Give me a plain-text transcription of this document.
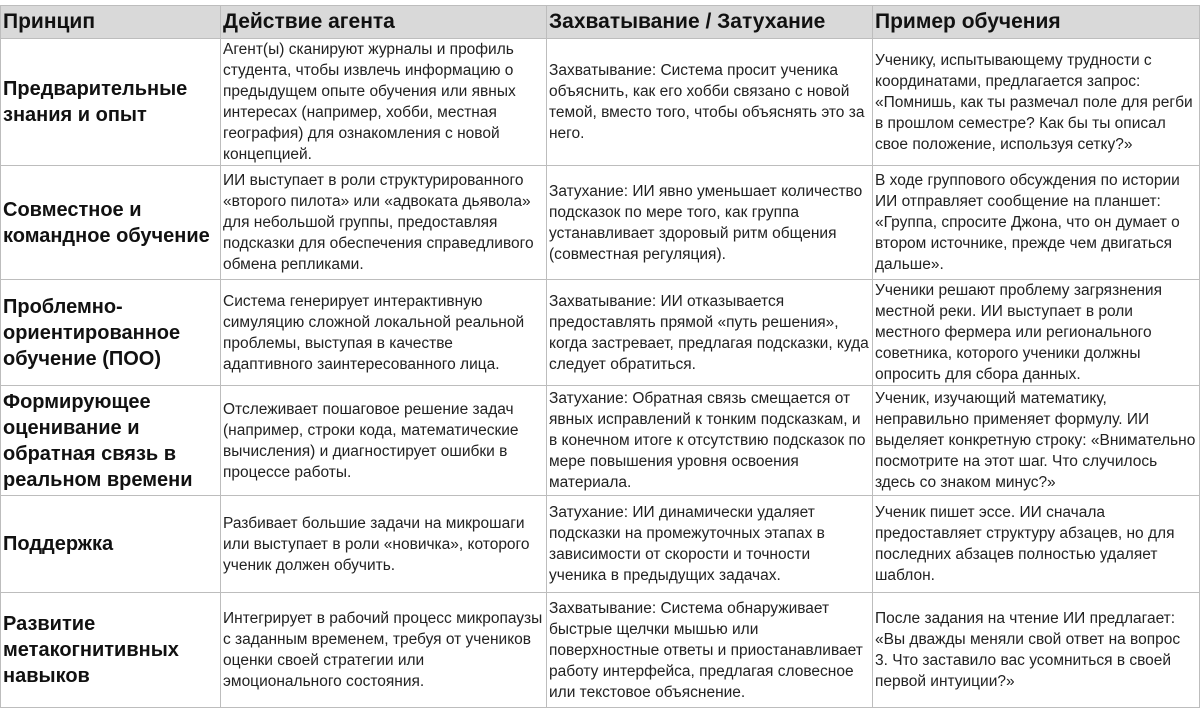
Принцип	Действие агента	Захватывание / Затухание	Пример обучения
Предварительные знания и опыт	Агент(ы) сканируют журналы и профиль студента, чтобы извлечь информацию о предыдущем опыте обучения или явных интересах (например, хобби, местная география) для ознакомления с новой концепцией.	Захватывание: Система просит ученика объяснить, как его хобби связано с новой темой, вместо того, чтобы объяснять это за него.	Ученику, испытывающему трудности с координатами, предлагается запрос: «Помнишь, как ты размечал поле для регби в прошлом семестре? Как бы ты описал свое положение, используя сетку?»
Совместное и командное обучение	ИИ выступает в роли структурированного «второго пилота» или «адвоката дьявола» для небольшой группы, предоставляя подсказки для обеспечения справедливого обмена репликами.	Затухание: ИИ явно уменьшает количество подсказок по мере того, как группа устанавливает здоровый ритм общения (совместная регуляция).	В ходе группового обсуждения по истории ИИ отправляет сообщение на планшет: «Группа, спросите Джона, что он думает о втором источнике, прежде чем двигаться дальше».
Проблемно-ориентированное обучение (ПОО)	Система генерирует интерактивную симуляцию сложной локальной реальной проблемы, выступая в качестве адаптивного заинтересованного лица.	Захватывание: ИИ отказывается предоставлять прямой «путь решения», когда застревает, предлагая подсказки, куда следует обратиться.	Ученики решают проблему загрязнения местной реки. ИИ выступает в роли местного фермера или регионального советника, которого ученики должны опросить для сбора данных.
Формирующее оценивание и обратная связь в реальном времени	Отслеживает пошаговое решение задач (например, строки кода, математические вычисления) и диагностирует ошибки в процессе работы.	Затухание: Обратная связь смещается от явных исправлений к тонким подсказкам, и в конечном итоге к отсутствию подсказок по мере повышения уровня освоения материала.	Ученик, изучающий математику, неправильно применяет формулу. ИИ выделяет конкретную строку: «Внимательно посмотрите на этот шаг. Что случилось здесь со знаком минус?»
Поддержка	Разбивает большие задачи на микрошаги или выступает в роли «новичка», которого ученик должен обучить.	Затухание: ИИ динамически удаляет подсказки на промежуточных этапах в зависимости от скорости и точности ученика в предыдущих задачах.	Ученик пишет эссе. ИИ сначала предоставляет структуру абзацев, но для последних абзацев полностью удаляет шаблон.
Развитие метакогнитивных навыков	Интегрирует в рабочий процесс микропаузы с заданным временем, требуя от учеников оценки своей стратегии или эмоционального состояния.	Захватывание: Система обнаруживает быстрые щелчки мышью или поверхностные ответы и приостанавливает работу интерфейса, предлагая словесное или текстовое объяснение.	После задания на чтение ИИ предлагает: «Вы дважды меняли свой ответ на вопрос 3. Что заставило вас усомниться в своей первой интуиции?»
